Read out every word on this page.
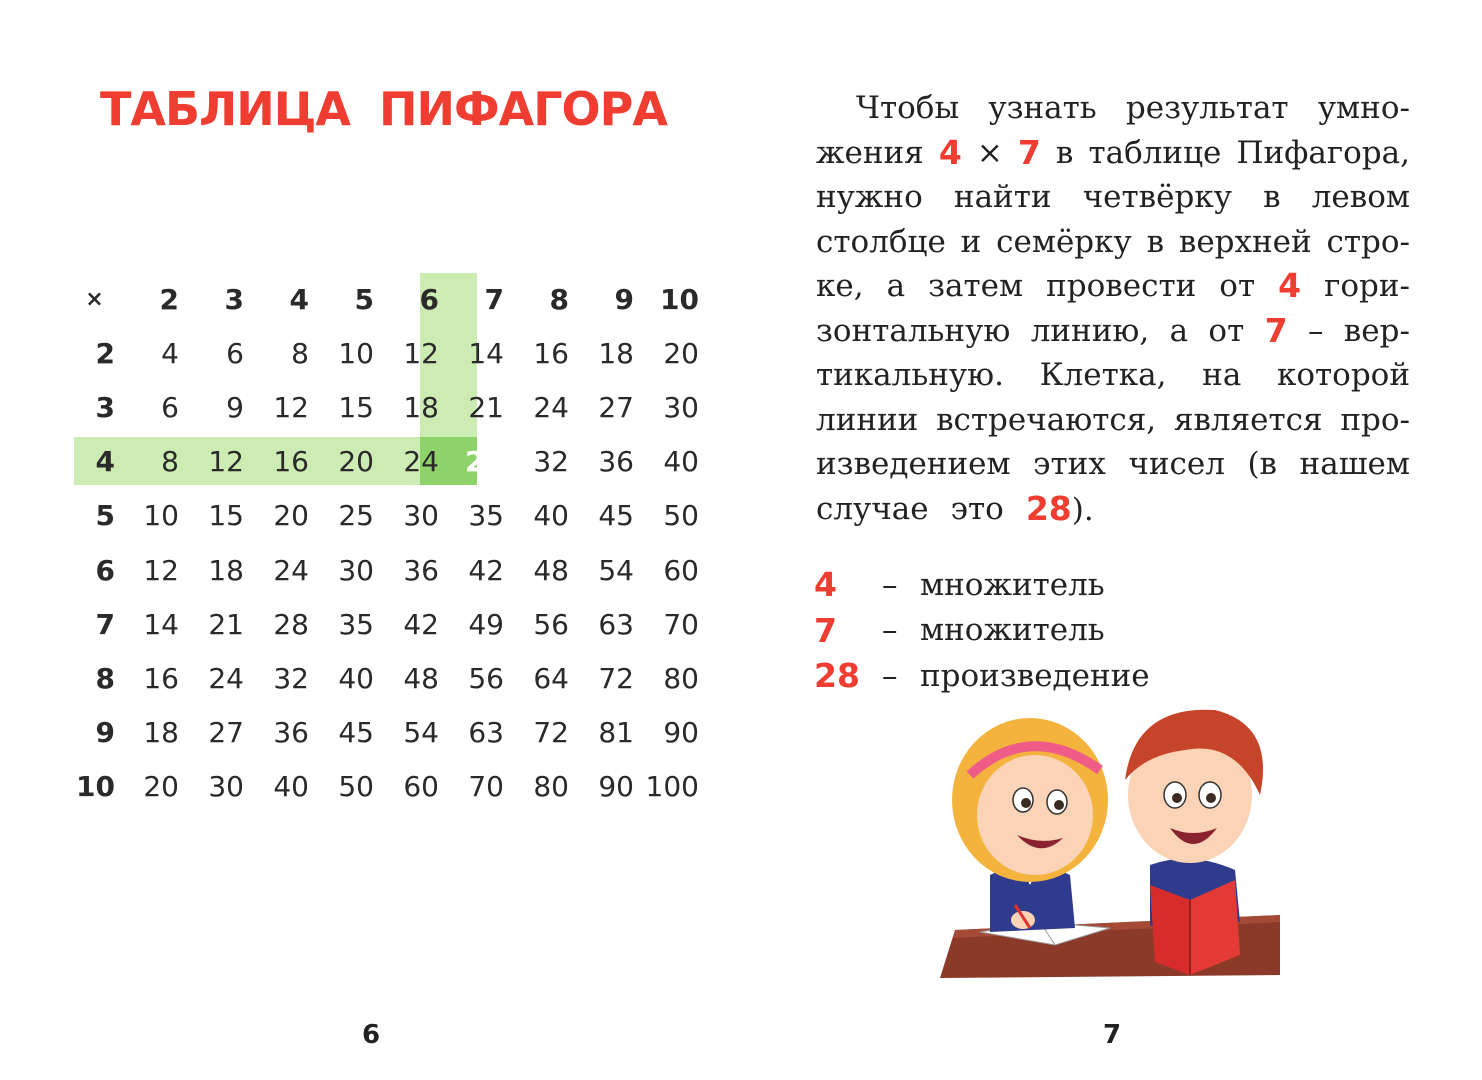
ТАБЛИЦА ПИФАГОРА
×	2	3	4	5	6	7	8	9	10
2	4	6	8	10	12	14	16	18	20
3	6	9	12	15	18	21	24	27	30
4	8	12	16	20	24	28	32	36	40
5	10	15	20	25	30	35	40	45	50
6	12	18	24	30	36	42	48	54	60
7	14	21	28	35	42	49	56	63	70
8	16	24	32	40	48	56	64	72	80
9	18	27	36	45	54	63	72	81	90
10	20	30	40	50	60	70	80	90	100
6
Чтобы узнать результат умно-
жения 4 × 7 в таблице Пифагора,
нужно найти четвёрку в левом
столбце и семёрку в верхней стро-
ке, а затем провести от 4 гори-
зонтальную линию, а от 7 – вер-
тикальную. Клетка, на которой
линии встречаются, является про-
изведением этих чисел (в нашем
случае это 28).
4	– множитель
7	– множитель
28 – произведение
7
